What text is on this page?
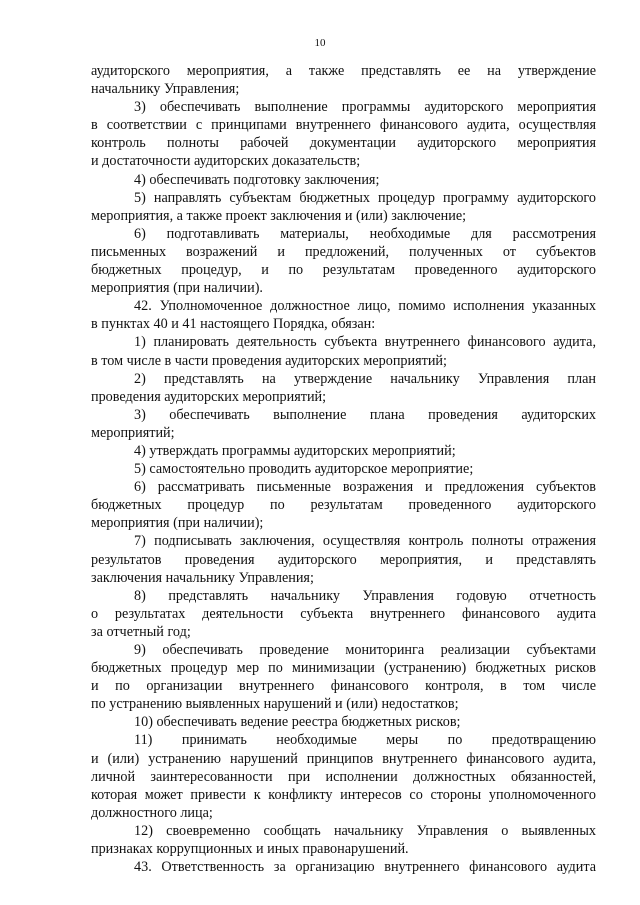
10
аудиторского мероприятия, а также представлять ее на утверждение
начальнику Управления;
3) обеспечивать выполнение программы аудиторского мероприятия
в соответствии с принципами внутреннего финансового аудита, осуществляя
контроль полноты рабочей документации аудиторского мероприятия
и достаточности аудиторских доказательств;
4) обеспечивать подготовку заключения;
5) направлять субъектам бюджетных процедур программу аудиторского
мероприятия, а также проект заключения и (или) заключение;
6) подготавливать материалы, необходимые для рассмотрения
письменных возражений и предложений, полученных от субъектов
бюджетных процедур, и по результатам проведенного аудиторского
мероприятия (при наличии).
42. Уполномоченное должностное лицо, помимо исполнения указанных
в пунктах 40 и 41 настоящего Порядка, обязан:
1) планировать деятельность субъекта внутреннего финансового аудита,
в том числе в части проведения аудиторских мероприятий;
2) представлять на утверждение начальнику Управления план
проведения аудиторских мероприятий;
3) обеспечивать выполнение плана проведения аудиторских
мероприятий;
4) утверждать программы аудиторских мероприятий;
5) самостоятельно проводить аудиторское мероприятие;
6) рассматривать письменные возражения и предложения субъектов
бюджетных процедур по результатам проведенного аудиторского
мероприятия (при наличии);
7) подписывать заключения, осуществляя контроль полноты отражения
результатов проведения аудиторского мероприятия, и представлять
заключения начальнику Управления;
8) представлять начальнику Управления годовую отчетность
о результатах деятельности субъекта внутреннего финансового аудита
за отчетный год;
9) обеспечивать проведение мониторинга реализации субъектами
бюджетных процедур мер по минимизации (устранению) бюджетных рисков
и по организации внутреннего финансового контроля, в том числе
по устранению выявленных нарушений и (или) недостатков;
10) обеспечивать ведение реестра бюджетных рисков;
11) принимать необходимые меры по предотвращению
и (или) устранению нарушений принципов внутреннего финансового аудита,
личной заинтересованности при исполнении должностных обязанностей,
которая может привести к конфликту интересов со стороны уполномоченного
должностного лица;
12) своевременно сообщать начальнику Управления о выявленных
признаках коррупционных и иных правонарушений.
43. Ответственность за организацию внутреннего финансового аудита
